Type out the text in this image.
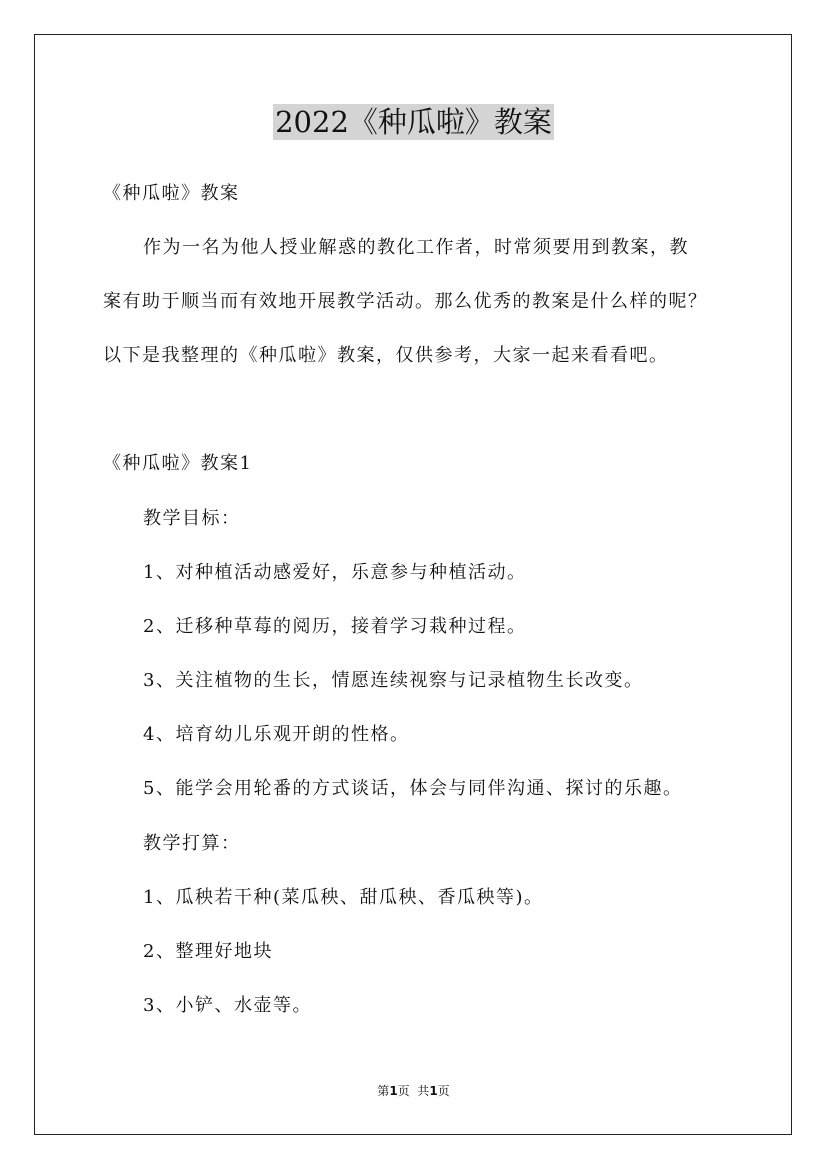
2022《种瓜啦》教案
《种瓜啦》教案
作为一名为他人授业解惑的教化工作者，时常须要用到教案，教
案有助于顺当而有效地开展教学活动。那么优秀的教案是什么样的呢？
以下是我整理的《种瓜啦》教案，仅供参考，大家一起来看看吧。
《种瓜啦》教案1
教学目标：
1、对种植活动感爱好，乐意参与种植活动。
2、迁移种草莓的阅历，接着学习栽种过程。
3、关注植物的生长，情愿连续视察与记录植物生长改变。
4、培育幼儿乐观开朗的性格。
5、能学会用轮番的方式谈话，体会与同伴沟通、探讨的乐趣。
教学打算：
1、瓜秧若干种(菜瓜秧、甜瓜秧、香瓜秧等)。
2、整理好地块
3、小铲、水壶等。
第1页  共1页
